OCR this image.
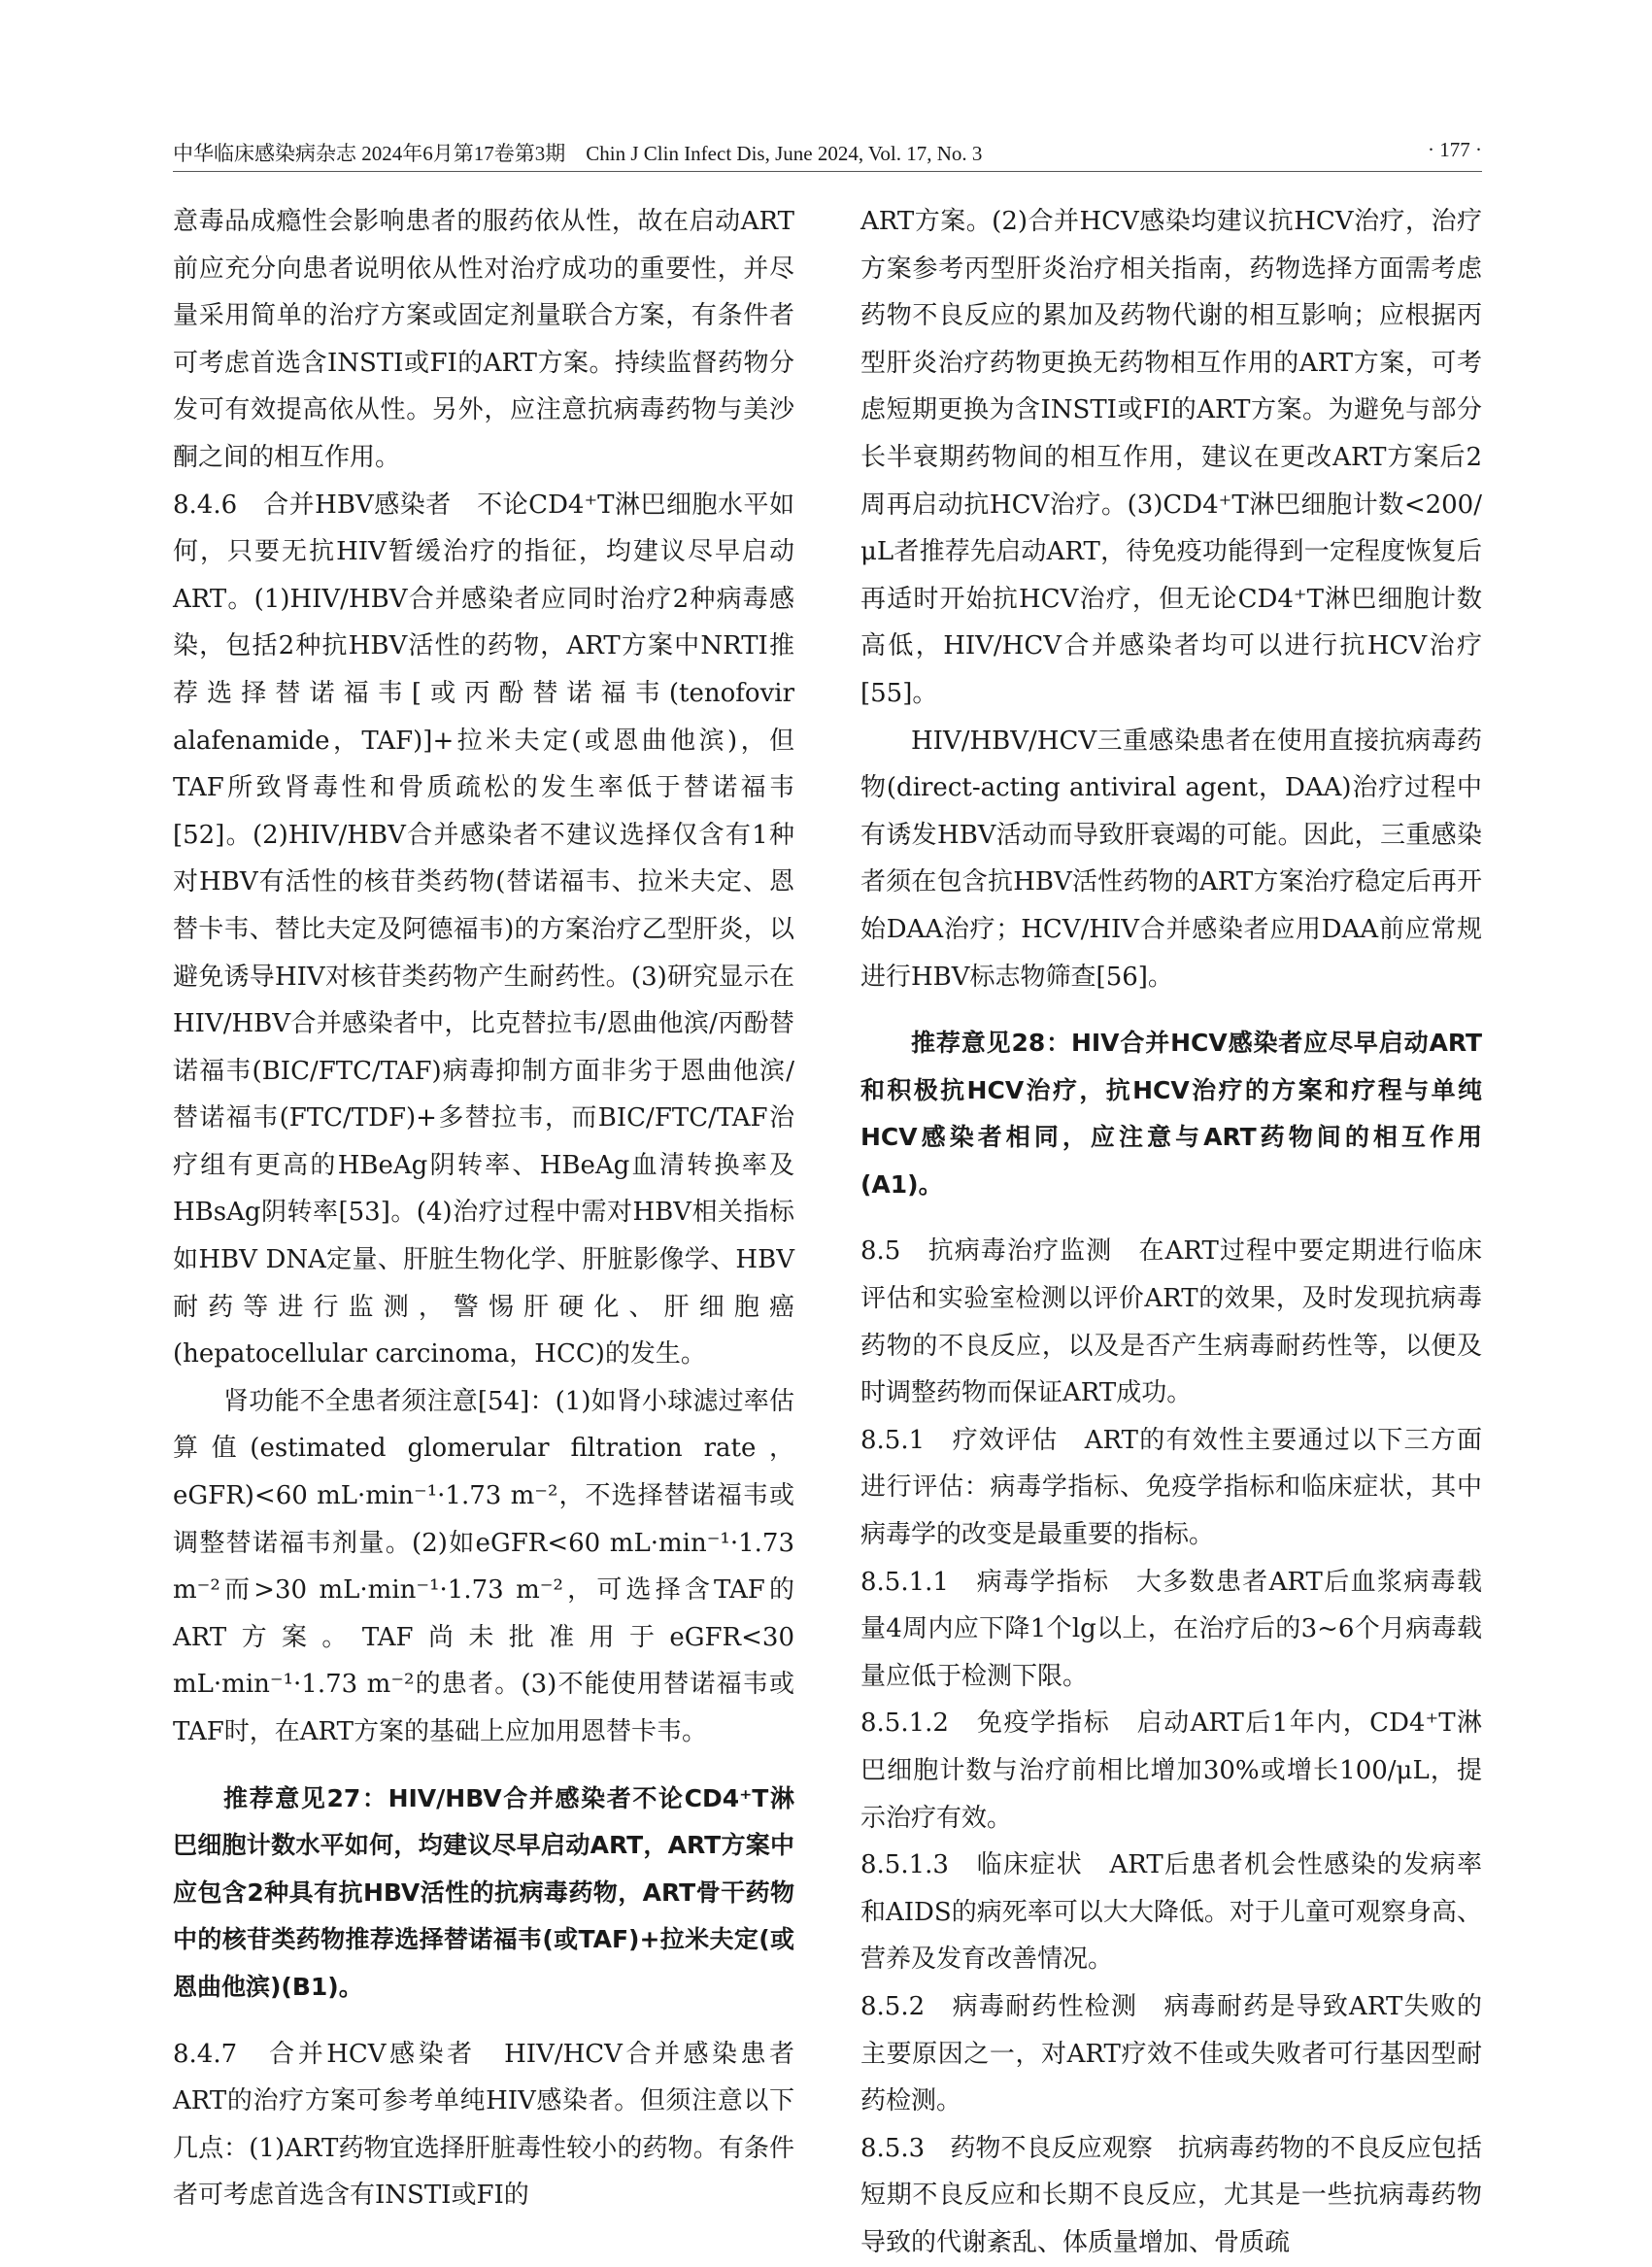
中华临床感染病杂志 2024年6月第17卷第3期　Chin J Clin Infect Dis, June 2024, Vol. 17, No. 3	· 177 ·

意毒品成瘾性会影响患者的服药依从性，故在启动ART前应充分向患者说明依从性对治疗成功的重要性，并尽量采用简单的治疗方案或固定剂量联合方案，有条件者可考虑首选含INSTI或FI的ART方案。持续监督药物分发可有效提高依从性。另外，应注意抗病毒药物与美沙酮之间的相互作用。

8.4.6　合并HBV感染者　不论CD4⁺T淋巴细胞水平如何，只要无抗HIV暂缓治疗的指征，均建议尽早启动ART。(1)HIV/HBV合并感染者应同时治疗2种病毒感染，包括2种抗HBV活性的药物，ART方案中NRTI推荐选择替诺福韦[或丙酚替诺福韦(tenofovir alafenamide，TAF)]+拉米夫定(或恩曲他滨)，但TAF所致肾毒性和骨质疏松的发生率低于替诺福韦[52]。(2)HIV/HBV合并感染者不建议选择仅含有1种对HBV有活性的核苷类药物(替诺福韦、拉米夫定、恩替卡韦、替比夫定及阿德福韦)的方案治疗乙型肝炎，以避免诱导HIV对核苷类药物产生耐药性。(3)研究显示在HIV/HBV合并感染者中，比克替拉韦/恩曲他滨/丙酚替诺福韦(BIC/FTC/TAF)病毒抑制方面非劣于恩曲他滨/替诺福韦(FTC/TDF)+多替拉韦，而BIC/FTC/TAF治疗组有更高的HBeAg阴转率、HBeAg血清转换率及HBsAg阴转率[53]。(4)治疗过程中需对HBV相关指标如HBV DNA定量、肝脏生物化学、肝脏影像学、HBV耐药等进行监测，警惕肝硬化、肝细胞癌(hepatocellular carcinoma，HCC)的发生。

肾功能不全患者须注意[54]：(1)如肾小球滤过率估算值(estimated glomerular filtration rate，eGFR)<60 mL·min⁻¹·1.73 m⁻²，不选择替诺福韦或调整替诺福韦剂量。(2)如eGFR<60 mL·min⁻¹·1.73 m⁻²而>30 mL·min⁻¹·1.73 m⁻²，可选择含TAF的ART方案。TAF尚未批准用于eGFR<30 mL·min⁻¹·1.73 m⁻²的患者。(3)不能使用替诺福韦或TAF时，在ART方案的基础上应加用恩替卡韦。

推荐意见27：HIV/HBV合并感染者不论CD4⁺T淋巴细胞计数水平如何，均建议尽早启动ART，ART方案中应包含2种具有抗HBV活性的抗病毒药物，ART骨干药物中的核苷类药物推荐选择替诺福韦(或TAF)+拉米夫定(或恩曲他滨)(B1)。

8.4.7　合并HCV感染者　HIV/HCV合并感染患者ART的治疗方案可参考单纯HIV感染者。但须注意以下几点：(1)ART药物宜选择肝脏毒性较小的药物。有条件者可考虑首选含有INSTI或FI的

ART方案。(2)合并HCV感染均建议抗HCV治疗，治疗方案参考丙型肝炎治疗相关指南，药物选择方面需考虑药物不良反应的累加及药物代谢的相互影响；应根据丙型肝炎治疗药物更换无药物相互作用的ART方案，可考虑短期更换为含INSTI或FI的ART方案。为避免与部分长半衰期药物间的相互作用，建议在更改ART方案后2周再启动抗HCV治疗。(3)CD4⁺T淋巴细胞计数<200/μL者推荐先启动ART，待免疫功能得到一定程度恢复后再适时开始抗HCV治疗，但无论CD4⁺T淋巴细胞计数高低，HIV/HCV合并感染者均可以进行抗HCV治疗[55]。

HIV/HBV/HCV三重感染患者在使用直接抗病毒药物(direct-acting antiviral agent，DAA)治疗过程中有诱发HBV活动而导致肝衰竭的可能。因此，三重感染者须在包含抗HBV活性药物的ART方案治疗稳定后再开始DAA治疗；HCV/HIV合并感染者应用DAA前应常规进行HBV标志物筛查[56]。

推荐意见28：HIV合并HCV感染者应尽早启动ART和积极抗HCV治疗，抗HCV治疗的方案和疗程与单纯HCV感染者相同，应注意与ART药物间的相互作用(A1)。

8.5　抗病毒治疗监测　在ART过程中要定期进行临床评估和实验室检测以评价ART的效果，及时发现抗病毒药物的不良反应，以及是否产生病毒耐药性等，以便及时调整药物而保证ART成功。

8.5.1　疗效评估　ART的有效性主要通过以下三方面进行评估：病毒学指标、免疫学指标和临床症状，其中病毒学的改变是最重要的指标。

8.5.1.1　病毒学指标　大多数患者ART后血浆病毒载量4周内应下降1个lg以上，在治疗后的3~6个月病毒载量应低于检测下限。

8.5.1.2　免疫学指标　启动ART后1年内，CD4⁺T淋巴细胞计数与治疗前相比增加30%或增长100/μL，提示治疗有效。

8.5.1.3　临床症状　ART后患者机会性感染的发病率和AIDS的病死率可以大大降低。对于儿童可观察身高、营养及发育改善情况。

8.5.2　病毒耐药性检测　病毒耐药是导致ART失败的主要原因之一，对ART疗效不佳或失败者可行基因型耐药检测。

8.5.3　药物不良反应观察　抗病毒药物的不良反应包括短期不良反应和长期不良反应，尤其是一些抗病毒药物导致的代谢紊乱、体质量增加、骨质疏
